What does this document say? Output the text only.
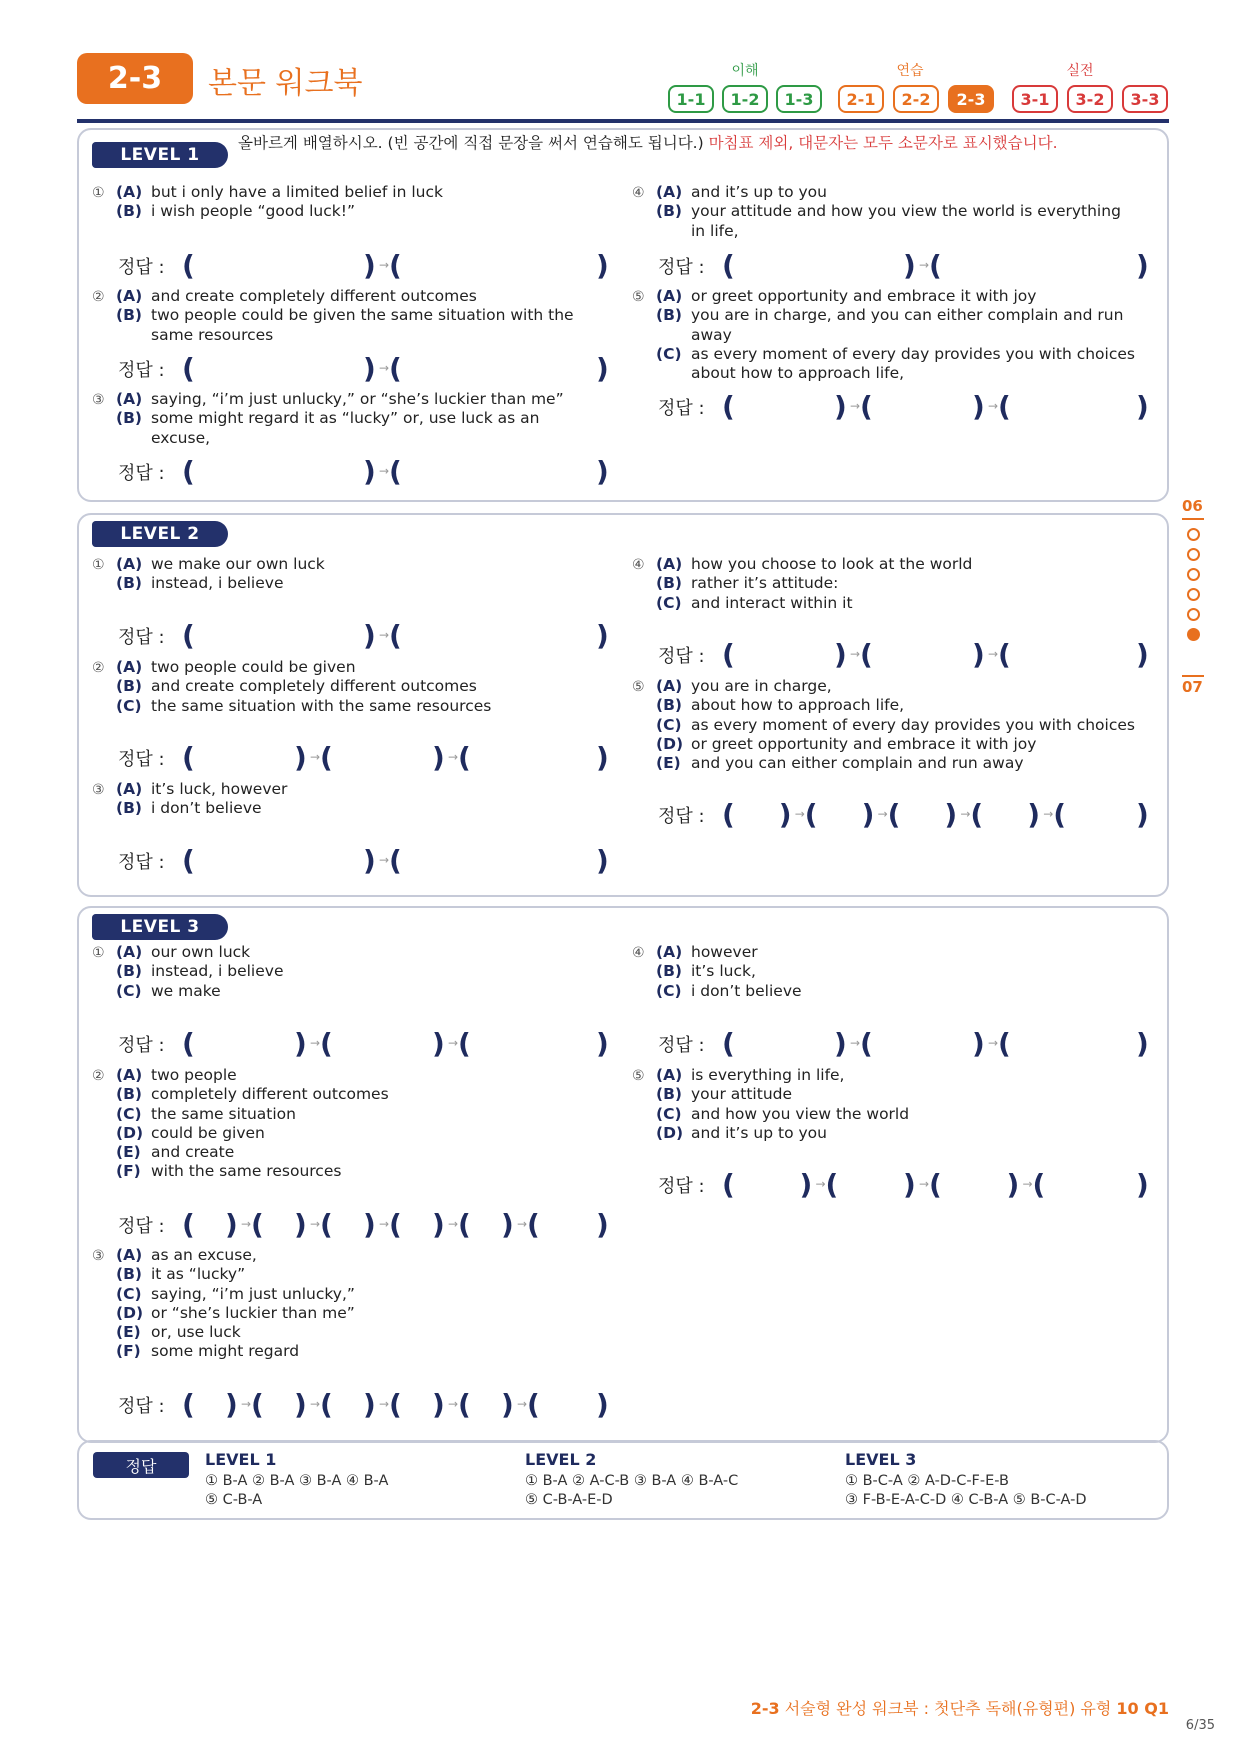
2-3	본문 워크북	이해	연습	실전
1-1	1-2	1-3	2-1	2-2	2-3	3-1	3-2	3-3
LEVEL 1
LEVEL 2
LEVEL 3
올바르게 배열하시오. (빈 공간에 직접 문장을 써서 연습해도 됩니다.) 마침표 제외, 대문자는 모두 소문자로 표시했습니다.
① (A) but i only have a limited belief in luck
(B) i wish people “good luck!”
정답 : (	) → (	)
② (A) and create completely different outcomes
(B) two people could be given the same situation with the
same resources
정답 : (	) → (	)
③ (A) saying, “i’m just unlucky,” or “she’s luckier than me”
(B) some might regard it as “lucky” or, use luck as an
excuse,
정답 : (	) → (	)
④ (A) and it’s up to you
(B) your attitude and how you view the world is everything
in life,
정답 : (	) → (	)
⑤ (A) or greet opportunity and embrace it with joy
(B) you are in charge, and you can either complain and run
away
(C) as every moment of every day provides you with choices
about how to approach life,
정답 : (	) → (	) → (	)
① (A) we make our own luck
(B) instead, i believe
정답 : (	) → (	)
② (A) two people could be given
(B) and create completely different outcomes
(C) the same situation with the same resources
정답 : (	) → (	) → (	)
③ (A) it’s luck, however
(B) i don’t believe
정답 : (	) → (	)
④ (A) how you choose to look at the world
(B) rather it’s attitude:
(C) and interact within it
정답 : (	) → (	) → (	)
⑤ (A) you are in charge,
(B) about how to approach life,
(C) as every moment of every day provides you with choices
(D) or greet opportunity and embrace it with joy
(E) and you can either complain and run away
정답 : ( ) → ( ) → ( ) → ( ) → (	)
① (A) our own luck
(B) instead, i believe
(C) we make
정답 : (	) → (	) → (	)
② (A) two people
(B) completely different outcomes
(C) the same situation
(D) could be given
(E) and create
(F) with the same resources
정답 : ( ) → ( ) → ( ) → ( ) → ( ) → ( )
③ (A) as an excuse,
(B) it as “lucky”
(C) saying, “i’m just unlucky,”
(D) or “she’s luckier than me”
(E) or, use luck
(F) some might regard
정답 : ( ) → ( ) → ( ) → ( ) → ( ) → ( )
④ (A) however
(B) it’s luck,
(C) i don’t believe
정답 : (	) → (	) → (	)
⑤ (A) is everything in life,
(B) your attitude
(C) and how you view the world
(D) and it’s up to you
정답 : ( ) → ( ) → ( ) → (	)
06
07
정답	LEVEL 1
① B-A ② B-A ③ B-A ④ B-A
⑤ C-B-A
LEVEL 2
① B-A ② A-C-B ③ B-A ④ B-A-C
⑤ C-B-A-E-D
LEVEL 3
① B-C-A ② A-D-C-F-E-B
③ F-B-E-A-C-D ④ C-B-A ⑤ B-C-A-D
2-3 서술형 완성 워크북 : 첫단추 독해(유형편) 유형 10 Q1
6/35
